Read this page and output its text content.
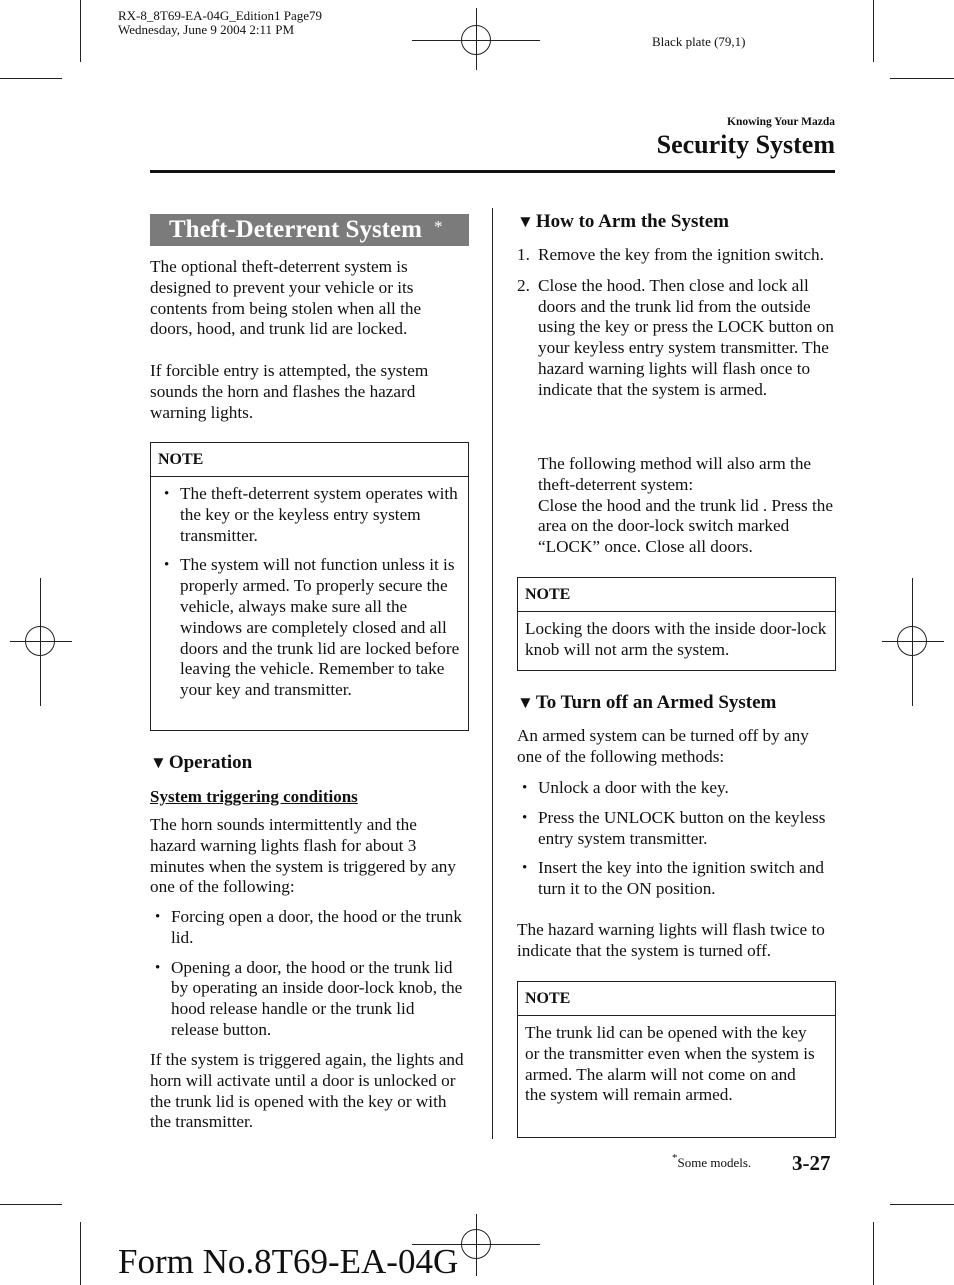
RX-8_8T69-EA-04G_Edition1 Page79
Wednesday, June 9 2004 2:11 PM
Black plate (79,1)
Knowing Your Mazda
Security System
Theft-Deterrent System *

The optional theft-deterrent system is designed to prevent your vehicle or its contents from being stolen when all the doors, hood, and trunk lid are locked.

If forcible entry is attempted, the system sounds the horn and flashes the hazard warning lights.

NOTE
• The theft-deterrent system operates with the key or the keyless entry system transmitter.
• The system will not function unless it is properly armed. To properly secure the vehicle, always make sure all the windows are completely closed and all doors and the trunk lid are locked before leaving the vehicle. Remember to take your key and transmitter.
▼ Operation
System triggering conditions

The horn sounds intermittently and the hazard warning lights flash for about 3 minutes when the system is triggered by any one of the following:

• Forcing open a door, the hood or the trunk lid.
• Opening a door, the hood or the trunk lid by operating an inside door-lock knob, the hood release handle or the trunk lid release button.

If the system is triggered again, the lights and horn will activate until a door is unlocked or the trunk lid is opened with the key or with the transmitter.

▼ How to Arm the System
1. Remove the key from the ignition switch.
2. Close the hood. Then close and lock all doors and the trunk lid from the outside using the key or press the LOCK button on your keyless entry system transmitter. The hazard warning lights will flash once to indicate that the system is armed.
The following method will also arm the theft-deterrent system:
Close the hood and the trunk lid . Press the area on the door-lock switch marked “LOCK” once. Close all doors.
NOTE
Locking the doors with the inside door-lock knob will not arm the system.
▼ To Turn off an Armed System

An armed system can be turned off by any one of the following methods:

• Unlock a door with the key.
• Press the UNLOCK button on the keyless entry system transmitter.
• Insert the key into the ignition switch and turn it to the ON position.

The hazard warning lights will flash twice to indicate that the system is turned off.

NOTE
The trunk lid can be opened with the key or the transmitter even when the system is armed. The alarm will not come on and the system will remain armed.
*Some models. 3-27
Form No.8T69-EA-04G
